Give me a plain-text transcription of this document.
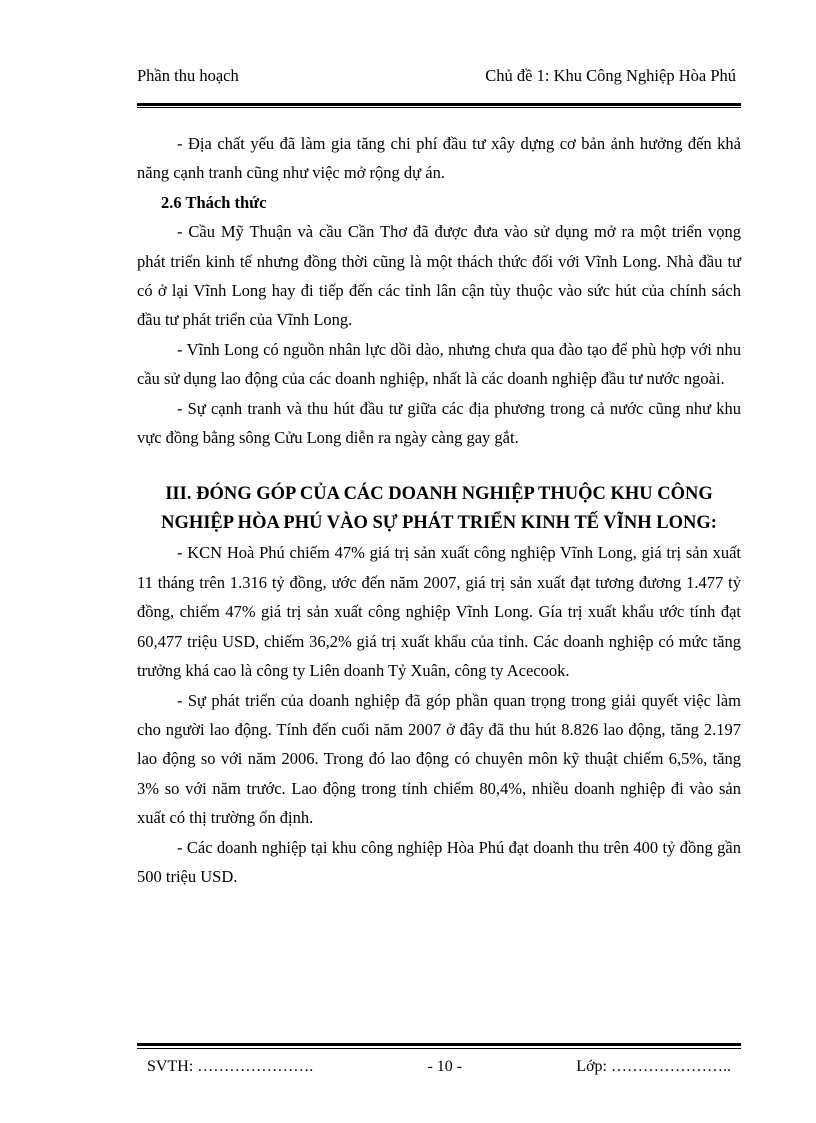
Phần thu hoạch	Chủ đề 1: Khu Công Nghiệp Hòa Phú

- Địa chất yếu đã làm gia tăng chi phí đầu tư xây dựng cơ bản ảnh hưởng đến khả năng cạnh tranh cũng như việc mở rộng dự án.

2.6 Thách thức

- Cầu Mỹ Thuận và cầu Cần Thơ đã được đưa vào sử dụng mở ra một triển vọng phát triển kinh tế nhưng đồng thời cũng là một thách thức đối với Vĩnh Long. Nhà đầu tư có ở lại Vĩnh Long hay đi tiếp đến các tỉnh lân cận tùy thuộc vào sức hút của chính sách đầu tư phát triển của Vĩnh Long.

- Vĩnh Long có nguồn nhân lực dồi dào, nhưng chưa qua đào tạo để phù hợp với nhu cầu sử dụng lao động của các doanh nghiệp, nhất là các doanh nghiệp đầu tư nước ngoài.

- Sự cạnh tranh và thu hút đầu tư giữa các địa phương trong cả nước cũng như khu vực đồng bằng sông Cửu Long diễn ra ngày càng gay gắt.

III. ĐÓNG GÓP CỦA CÁC DOANH NGHIỆP THUỘC KHU CÔNG NGHIỆP HÒA PHÚ VÀO SỰ PHÁT TRIỂN KINH TẾ VĨNH LONG:

- KCN Hoà Phú chiếm 47% giá trị sản xuất công nghiệp Vĩnh Long, giá trị sản xuất 11 tháng trên 1.316 tỷ đồng, ước đến năm 2007, giá trị sản xuất đạt tương đương 1.477 tỷ đồng, chiếm 47% giá trị sản xuất công nghiệp Vĩnh Long. Gía trị xuất khẩu ước tính đạt 60,477 triệu USD, chiếm 36,2% giá trị xuất khẩu của tỉnh. Các doanh nghiệp có mức tăng trưởng khá cao là công ty Liên doanh Tỷ Xuân, công ty Acecook.

- Sự phát triển của doanh nghiệp đã góp phần quan trọng trong giải quyết việc làm cho người lao động. Tính đến cuối năm 2007 ở đây đã thu hút 8.826 lao động, tăng 2.197 lao động so với năm 2006. Trong đó lao động có chuyên môn kỹ thuật chiếm 6,5%, tăng 3% so với năm trước. Lao động trong tỉnh chiếm 80,4%, nhiều doanh nghiệp đi vào sản xuất có thị trường ổn định.

- Các doanh nghiệp tại khu công nghiệp Hòa Phú đạt doanh thu trên 400 tỷ đồng gần 500 triệu USD.

SVTH: ………………….	- 10 -	Lớp: …………………..
